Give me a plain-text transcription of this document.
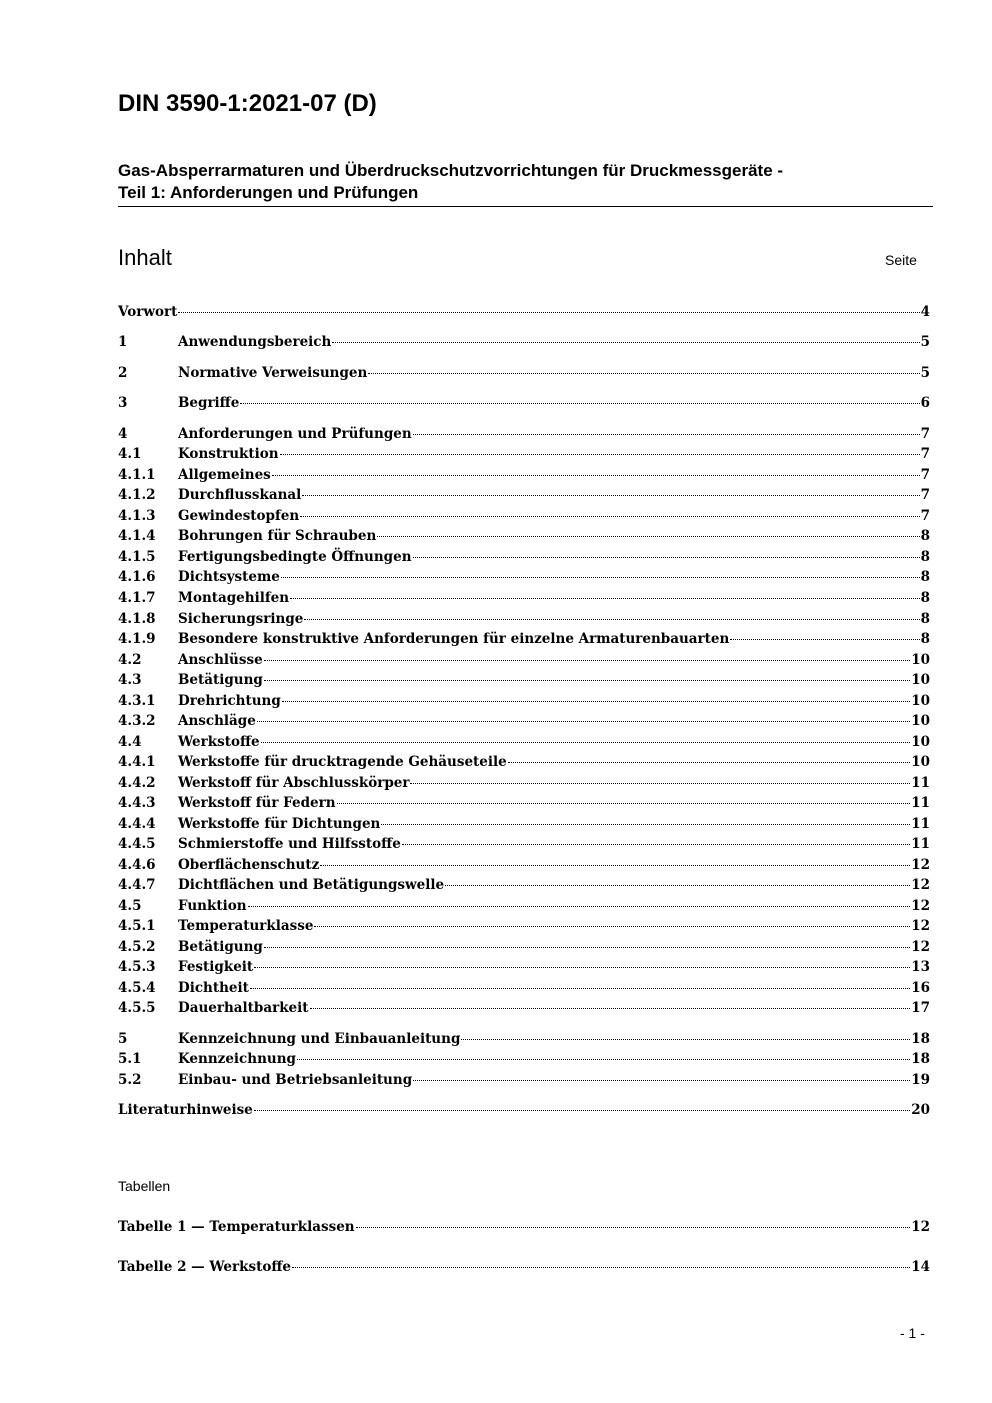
DIN 3590-1:2021-07 (D)
Gas-Absperrarmaturen und Überdruckschutzvorrichtungen für Druckmessgeräte -
Teil 1: Anforderungen und Prüfungen
Inhalt	Seite
Vorwort	4
1	Anwendungsbereich	5
2	Normative Verweisungen	5
3	Begriffe	6
4	Anforderungen und Prüfungen	7
4.1	Konstruktion	7
4.1.1	Allgemeines	7
4.1.2	Durchflusskanal	7
4.1.3	Gewindestopfen	7
4.1.4	Bohrungen für Schrauben	8
4.1.5	Fertigungsbedingte Öffnungen	8
4.1.6	Dichtsysteme	8
4.1.7	Montagehilfen	8
4.1.8	Sicherungsringe	8
4.1.9	Besondere konstruktive Anforderungen für einzelne Armaturenbauarten	8
4.2	Anschlüsse	10
4.3	Betätigung	10
4.3.1	Drehrichtung	10
4.3.2	Anschläge	10
4.4	Werkstoffe	10
4.4.1	Werkstoffe für drucktragende Gehäuseteile	10
4.4.2	Werkstoff für Abschlusskörper	11
4.4.3	Werkstoff für Federn	11
4.4.4	Werkstoffe für Dichtungen	11
4.4.5	Schmierstoffe und Hilfsstoffe	11
4.4.6	Oberflächenschutz	12
4.4.7	Dichtflächen und Betätigungswelle	12
4.5	Funktion	12
4.5.1	Temperaturklasse	12
4.5.2	Betätigung	12
4.5.3	Festigkeit	13
4.5.4	Dichtheit	16
4.5.5	Dauerhaltbarkeit	17
5	Kennzeichnung und Einbauanleitung	18
5.1	Kennzeichnung	18
5.2	Einbau- und Betriebsanleitung	19
Literaturhinweise	20
Tabellen
Tabelle 1 — Temperaturklassen	12
Tabelle 2 — Werkstoffe	14
- 1 -
